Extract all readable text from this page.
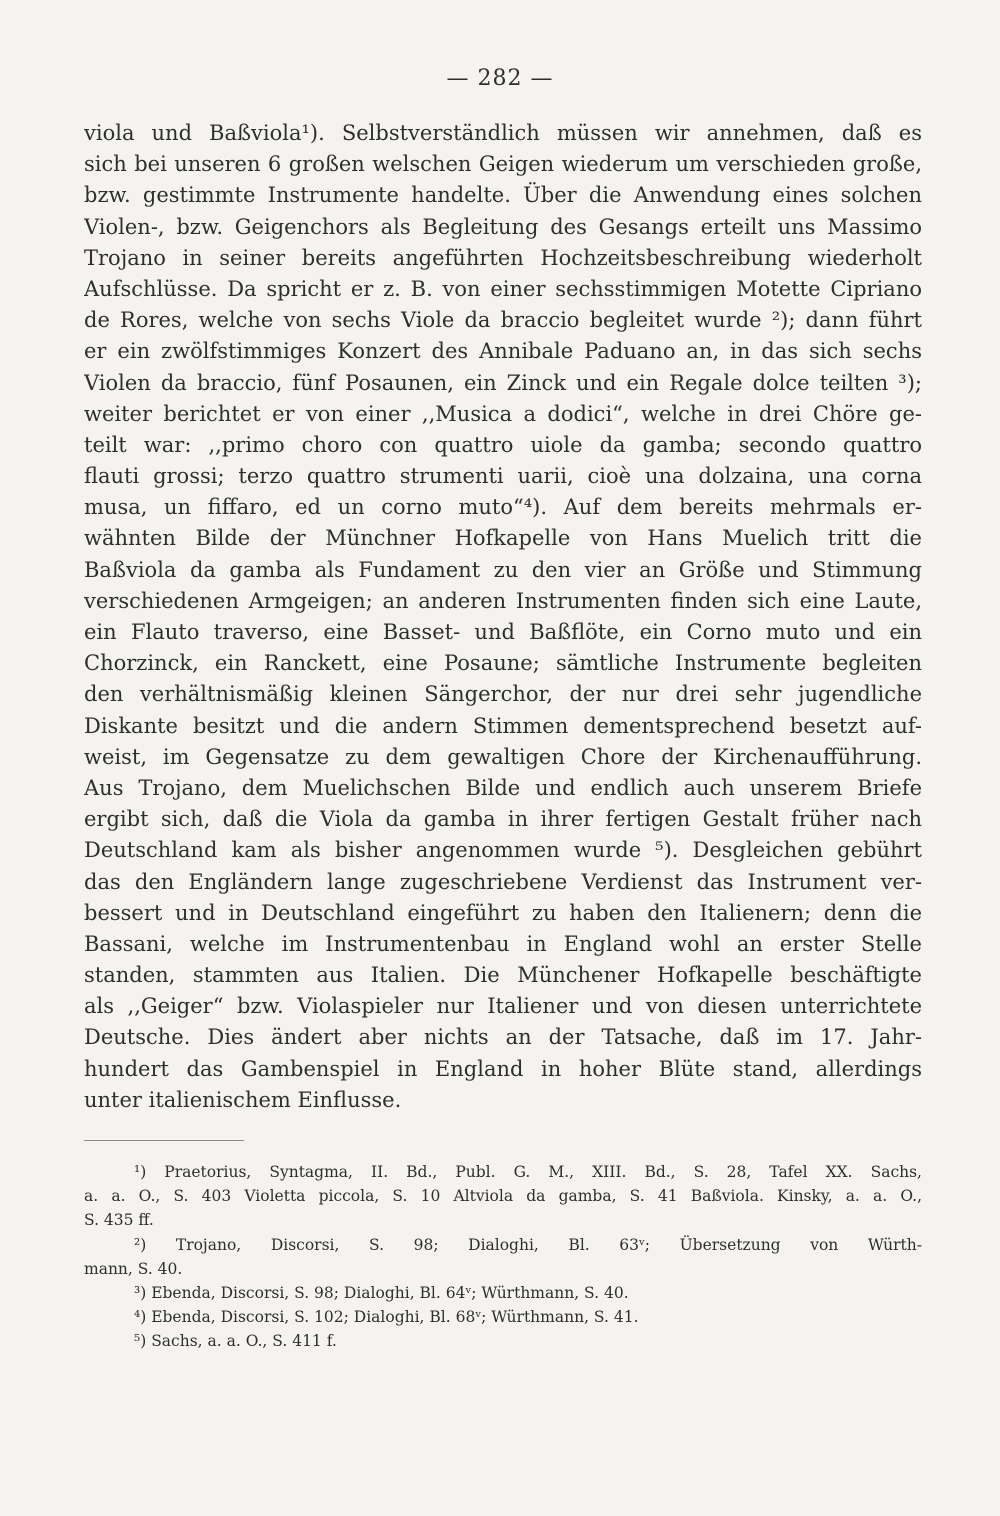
— 282 —
viola und Baßviola¹). Selbstverständlich müssen wir annehmen, daß es
sich bei unseren 6 großen welschen Geigen wiederum um verschieden große,
bzw. gestimmte Instrumente handelte. Über die Anwendung eines solchen
Violen-, bzw. Geigenchors als Begleitung des Gesangs erteilt uns Massimo
Trojano in seiner bereits angeführten Hochzeitsbeschreibung wiederholt
Aufschlüsse. Da spricht er z. B. von einer sechsstimmigen Motette Cipriano
de Rores, welche von sechs Viole da braccio begleitet wurde ²); dann führt
er ein zwölfstimmiges Konzert des Annibale Paduano an, in das sich sechs
Violen da braccio, fünf Posaunen, ein Zinck und ein Regale dolce teilten ³);
weiter berichtet er von einer ,,Musica a dodici“, welche in drei Chöre ge-
teilt war: ,,primo choro con quattro uiole da gamba; secondo quattro
flauti grossi; terzo quattro strumenti uarii, cioè una dolzaina, una corna
musa, un fiffaro, ed un corno muto“⁴). Auf dem bereits mehrmals er-
wähnten Bilde der Münchner Hofkapelle von Hans Muelich tritt die
Baßviola da gamba als Fundament zu den vier an Größe und Stimmung
verschiedenen Armgeigen; an anderen Instrumenten finden sich eine Laute,
ein Flauto traverso, eine Basset- und Baßflöte, ein Corno muto und ein
Chorzinck, ein Ranckett, eine Posaune; sämtliche Instrumente begleiten
den verhältnismäßig kleinen Sängerchor, der nur drei sehr jugendliche
Diskante besitzt und die andern Stimmen dementsprechend besetzt auf-
weist, im Gegensatze zu dem gewaltigen Chore der Kirchenaufführung.
Aus Trojano, dem Muelichschen Bilde und endlich auch unserem Briefe
ergibt sich, daß die Viola da gamba in ihrer fertigen Gestalt früher nach
Deutschland kam als bisher angenommen wurde ⁵). Desgleichen gebührt
das den Engländern lange zugeschriebene Verdienst das Instrument ver-
bessert und in Deutschland eingeführt zu haben den Italienern; denn die
Bassani, welche im Instrumentenbau in England wohl an erster Stelle
standen, stammten aus Italien. Die Münchener Hofkapelle beschäftigte
als ,,Geiger“ bzw. Violaspieler nur Italiener und von diesen unterrichtete
Deutsche. Dies ändert aber nichts an der Tatsache, daß im 17. Jahr-
hundert das Gambenspiel in England in hoher Blüte stand, allerdings
unter italienischem Einflusse.
¹) Praetorius, Syntagma, II. Bd., Publ. G. M., XIII. Bd., S. 28, Tafel XX. Sachs,
a. a. O., S. 403 Violetta piccola, S. 10 Altviola da gamba, S. 41 Baßviola. Kinsky, a. a. O.,
S. 435 ff.
²) Trojano, Discorsi, S. 98; Dialoghi, Bl. 63ᵛ; Übersetzung von Würth-
mann, S. 40.
³) Ebenda, Discorsi, S. 98; Dialoghi, Bl. 64ᵛ; Würthmann, S. 40.
⁴) Ebenda, Discorsi, S. 102; Dialoghi, Bl. 68ᵛ; Würthmann, S. 41.
⁵) Sachs, a. a. O., S. 411 f.
